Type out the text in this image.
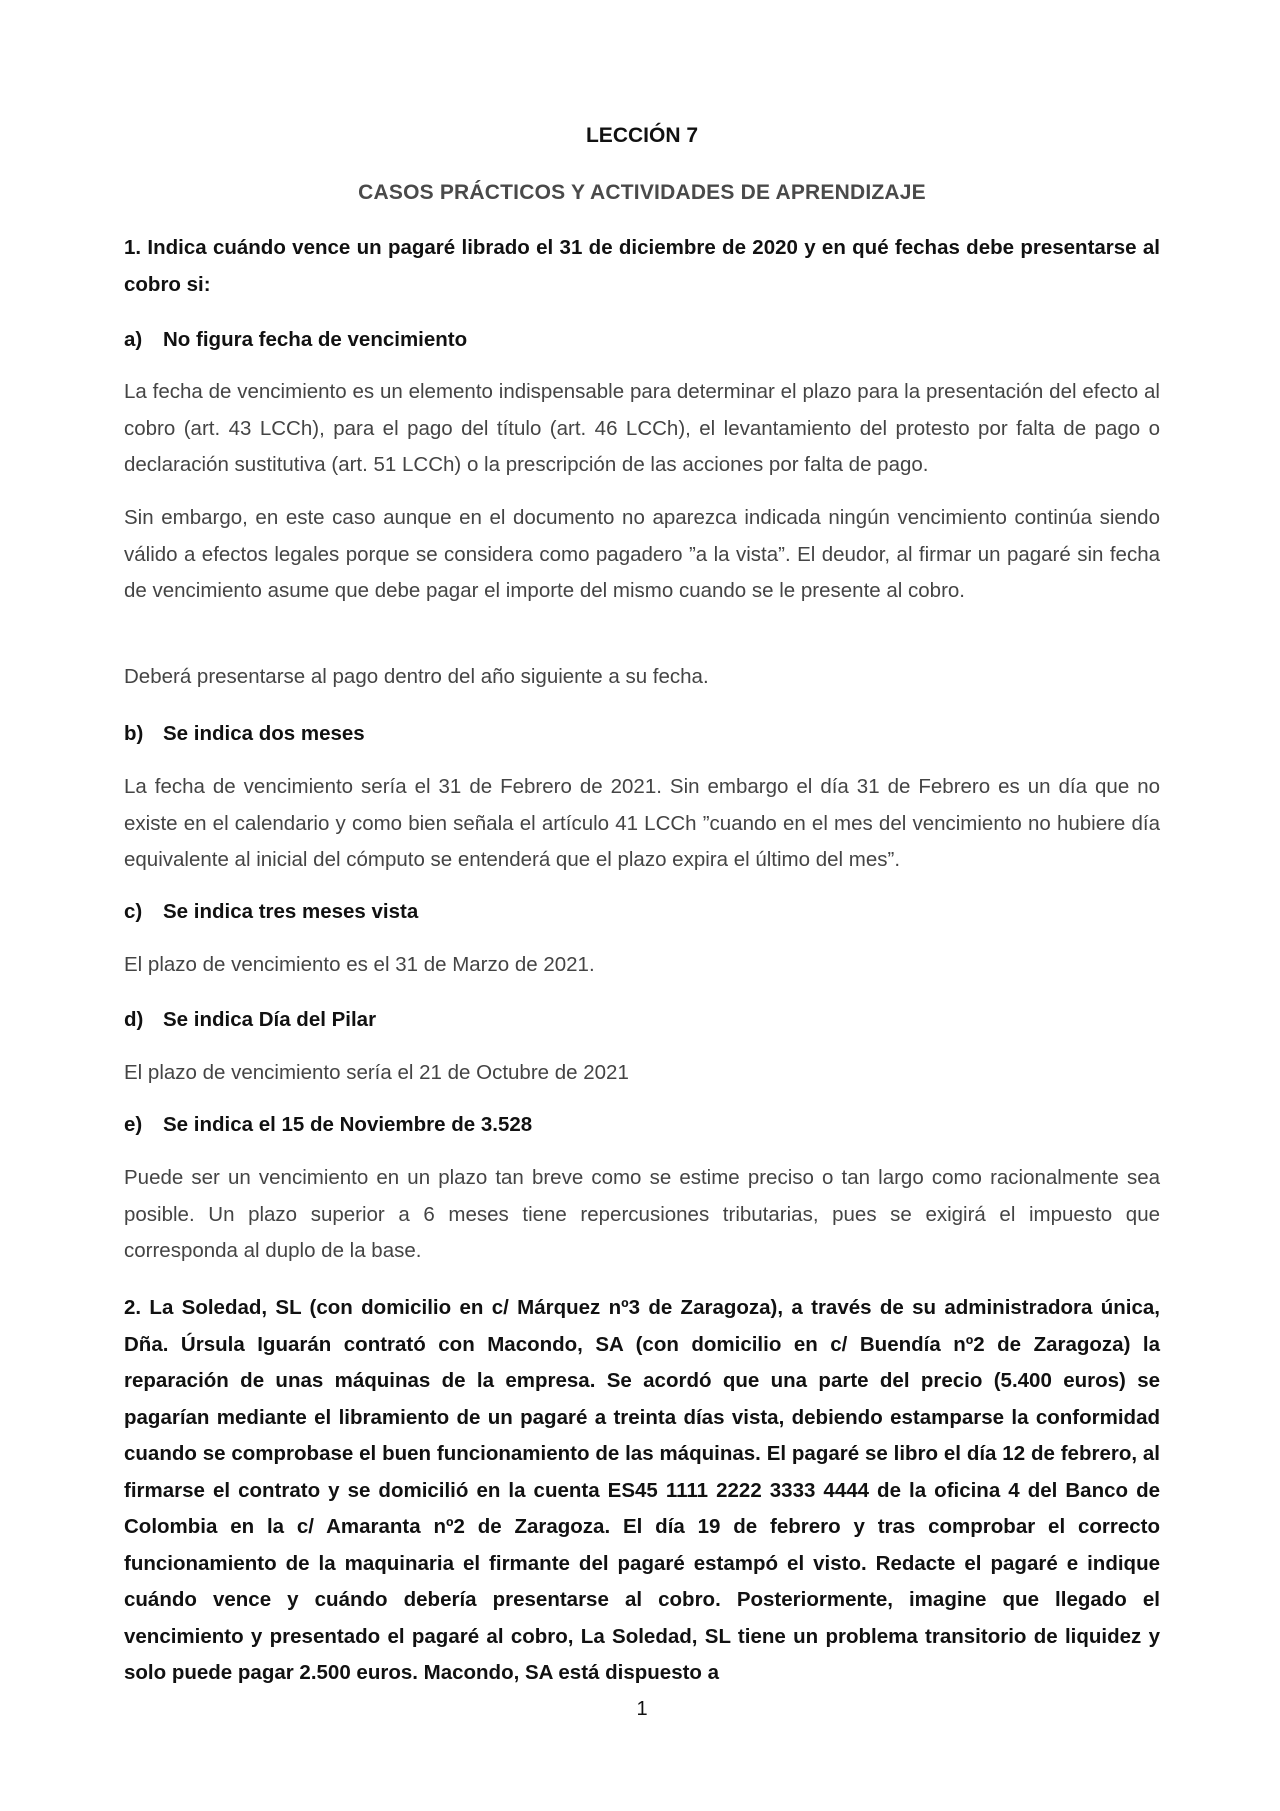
LECCIÓN 7
CASOS PRÁCTICOS Y ACTIVIDADES DE APRENDIZAJE
1. Indica cuándo vence un pagaré librado el 31 de diciembre de 2020 y en qué fechas debe presentarse al cobro si:
a) No figura fecha de vencimiento
La fecha de vencimiento es un elemento indispensable para determinar el plazo para la presentación del efecto al cobro (art. 43 LCCh), para el pago del título (art. 46 LCCh), el levantamiento del protesto por falta de pago o declaración sustitutiva (art. 51 LCCh) o la prescripción de las acciones por falta de pago.
Sin embargo, en este caso aunque en el documento no aparezca indicada ningún vencimiento continúa siendo válido a efectos legales porque se considera como pagadero ”a la vista”. El deudor, al firmar un pagaré sin fecha de vencimiento asume que debe pagar el importe del mismo cuando se le presente al cobro.
Deberá presentarse al pago dentro del año siguiente a su fecha.
b) Se indica dos meses
La fecha de vencimiento sería el 31 de Febrero de 2021. Sin embargo el día 31 de Febrero es un día que no existe en el calendario y como bien señala el artículo 41 LCCh ”cuando en el mes del vencimiento no hubiere día equivalente al inicial del cómputo se entenderá que el plazo expira el último del mes”.
c) Se indica tres meses vista
El plazo de vencimiento es el 31 de Marzo de 2021.
d) Se indica Día del Pilar
El plazo de vencimiento sería el 21 de Octubre de 2021
e) Se indica el 15 de Noviembre de 3.528
Puede ser un vencimiento en un plazo tan breve como se estime preciso o tan largo como racionalmente sea posible. Un plazo superior a 6 meses tiene repercusiones tributarias, pues se exigirá el impuesto que corresponda al duplo de la base.
2. La Soledad, SL (con domicilio en c/ Márquez nº3 de Zaragoza), a través de su administradora única, Dña. Úrsula Iguarán contrató con Macondo, SA (con domicilio en c/ Buendía nº2 de Zaragoza) la reparación de unas máquinas de la empresa. Se acordó que una parte del precio (5.400 euros) se pagarían mediante el libramiento de un pagaré a treinta días vista, debiendo estamparse la conformidad cuando se comprobase el buen funcionamiento de las máquinas. El pagaré se libro el día 12 de febrero, al firmarse el contrato y se domicilió en la cuenta ES45 1111 2222 3333 4444 de la oficina 4 del Banco de Colombia en la c/ Amaranta nº2 de Zaragoza. El día 19 de febrero y tras comprobar el correcto funcionamiento de la maquinaria el firmante del pagaré estampó el visto. Redacte el pagaré e indique cuándo vence y cuándo debería presentarse al cobro. Posteriormente, imagine que llegado el vencimiento y presentado el pagaré al cobro, La Soledad, SL tiene un problema transitorio de liquidez y solo puede pagar 2.500 euros. Macondo, SA está dispuesto a
1
